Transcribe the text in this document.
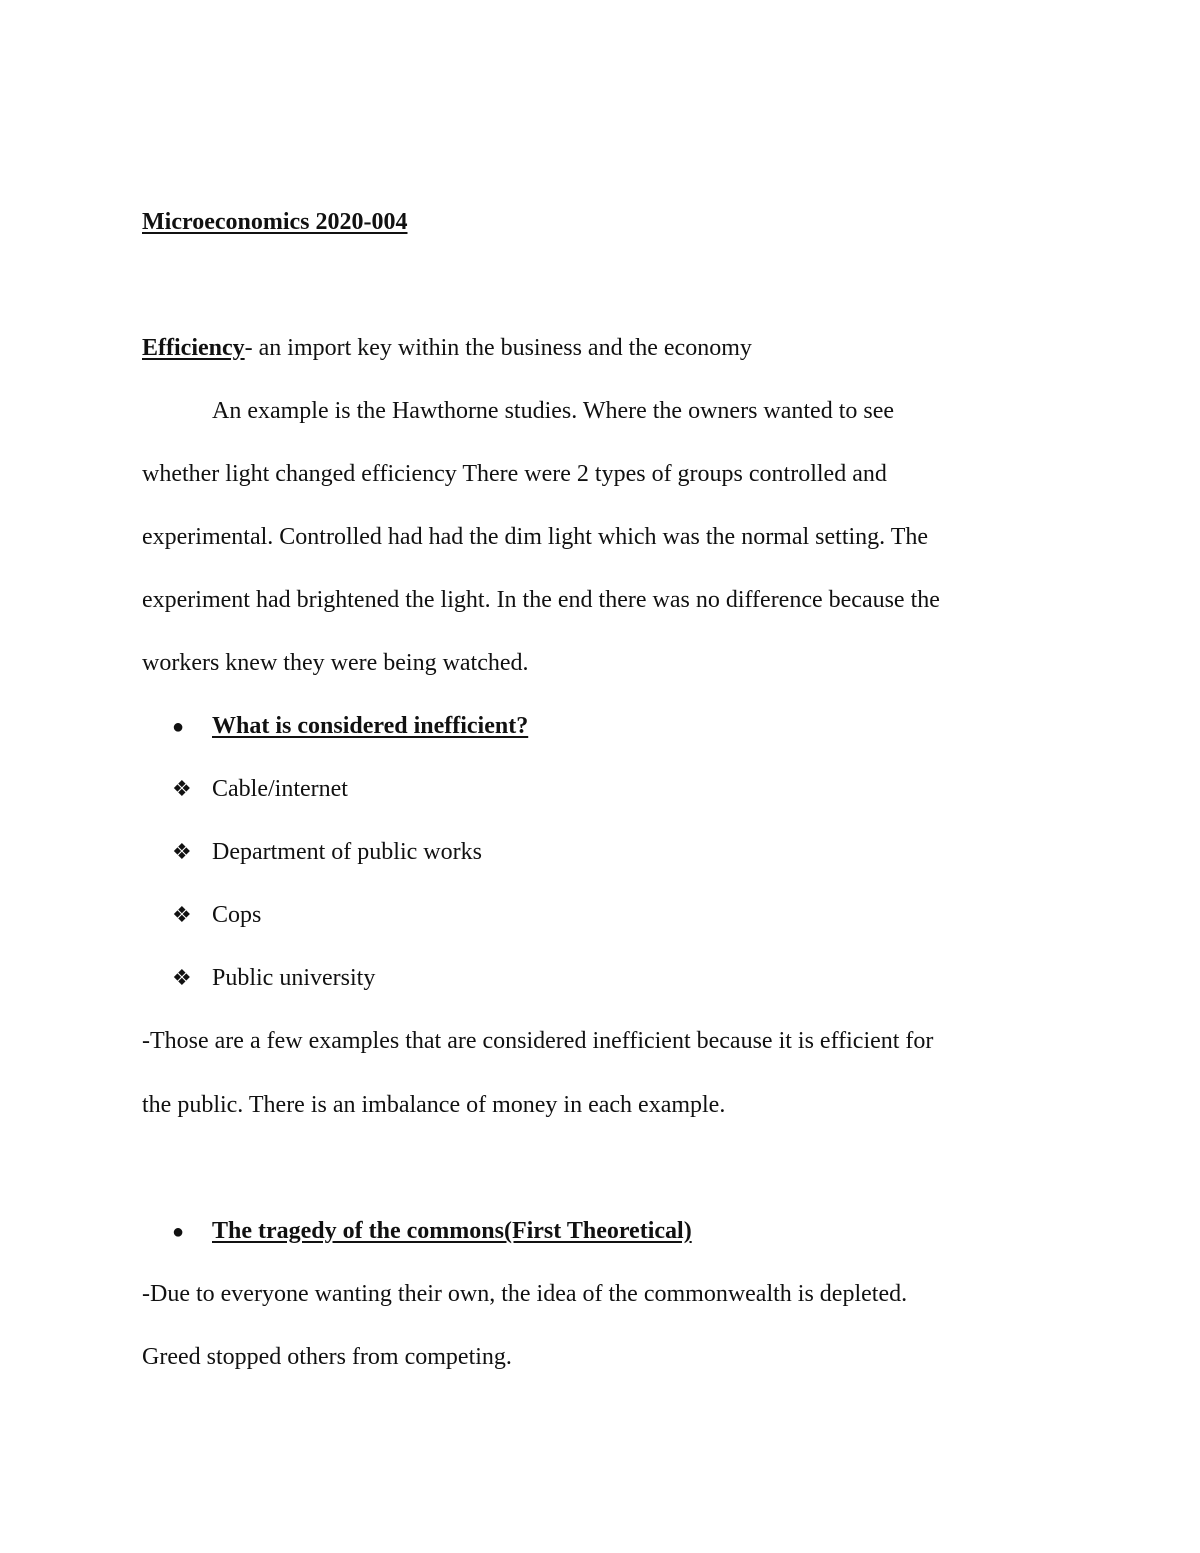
Microeconomics 2020-004
Efficiency- an import key within the business and the economy
An example is the Hawthorne studies. Where the owners wanted to see
whether light changed efficiency There were 2 types of groups controlled and
experimental. Controlled had had the dim light which was the normal setting. The
experiment had brightened the light. In the end there was no difference because the
workers knew they were being watched.
● What is considered inefficient?
❖ Cable/internet
❖ Department of public works
❖ Cops
❖ Public university
-Those are a few examples that are considered inefficient because it is efficient for
the public. There is an imbalance of money in each example.
● The tragedy of the commons(First Theoretical)
-Due to everyone wanting their own, the idea of the commonwealth is depleted.
Greed stopped others from competing.
